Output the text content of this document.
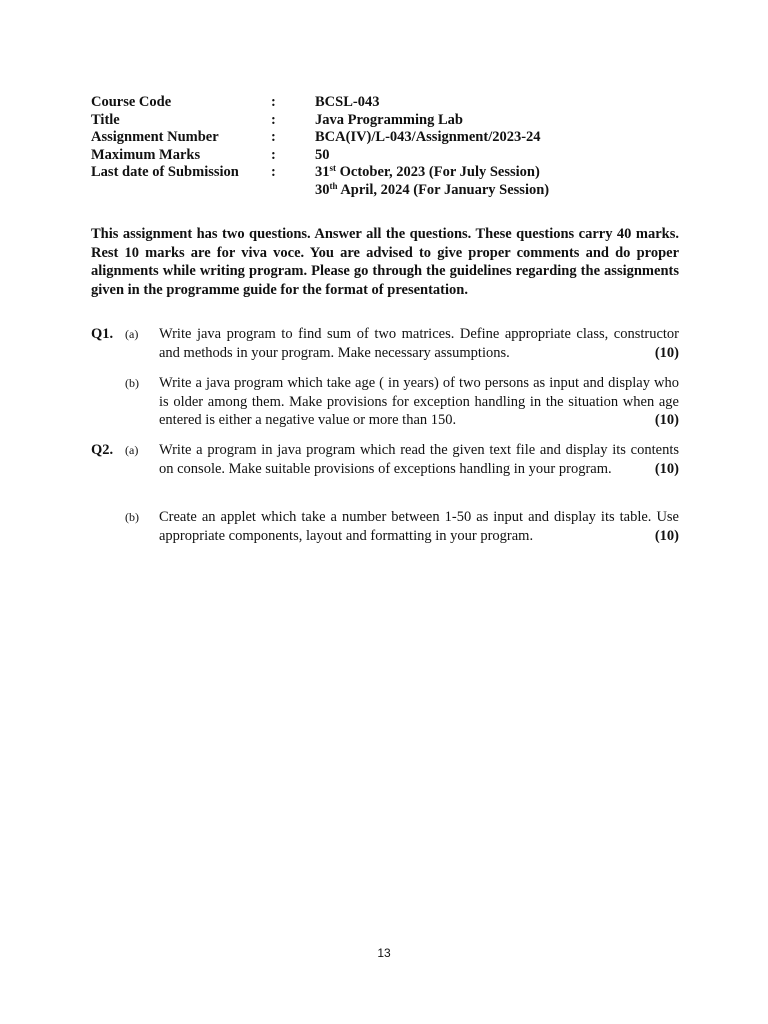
Course Code	:	BCSL-043
Title	:	Java Programming Lab
Assignment Number	:	BCA(IV)/L-043/Assignment/2023-24
Maximum Marks	:	50
Last date of Submission	:	31st October, 2023 (For July Session)
30th April, 2024 (For January Session)
This assignment has two questions. Answer all the questions. These questions carry 40 marks. Rest 10 marks are for viva voce. You are advised to give proper comments and do proper alignments while writing program. Please go through the guidelines regarding the assignments given in the programme guide for the format of presentation.
Q1. (a) Write java program to find sum of two matrices. Define appropriate class, constructor and methods in your program. Make necessary assumptions.	(10)
(b) Write a java program which take age ( in years) of two persons as input and display who is older among them. Make provisions for exception handling in the situation when age entered is either a negative value or more than 150.	(10)
Q2. (a) Write a program in java program which read the given text file and display its contents on console. Make suitable provisions of exceptions handling in your program.	(10)
(b) Create an applet which take a number between 1-50 as input and display its table. Use appropriate components, layout and formatting in your program.	(10)
13
